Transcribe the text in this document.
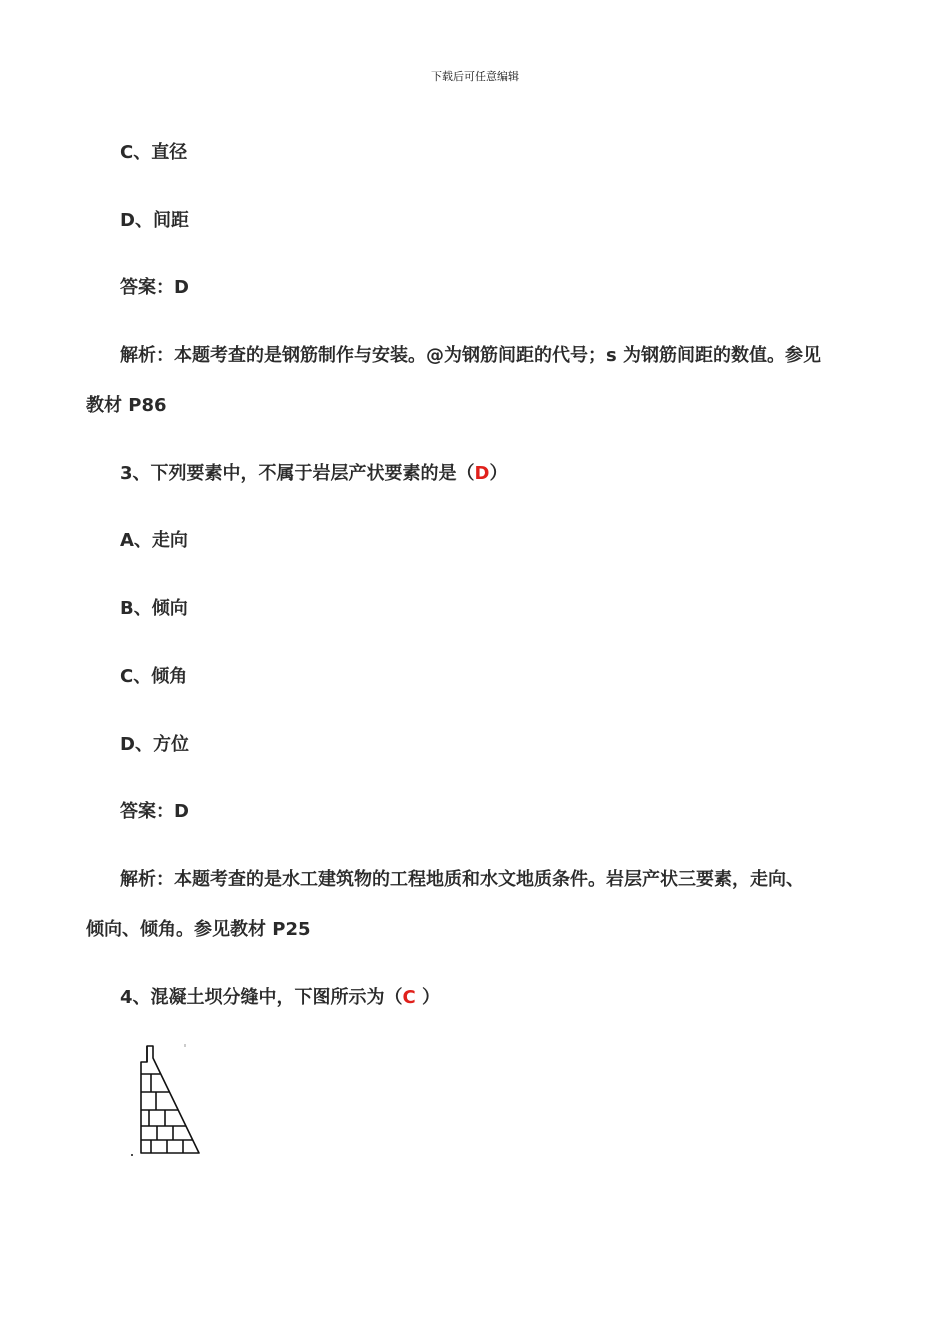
下载后可任意编辑
C、直径
D、间距
答案：D
解析：本题考查的是钢筋制作与安装。@为钢筋间距的代号；s 为钢筋间距的数值。参见
教材 P86
3、下列要素中，不属于岩层产状要素的是（D）
A、走向
B、倾向
C、倾角
D、方位
答案：D
解析：本题考查的是水工建筑物的工程地质和水文地质条件。岩层产状三要素，走向、
倾向、倾角。参见教材 P25
4、混凝土坝分缝中，下图所示为（C ）
